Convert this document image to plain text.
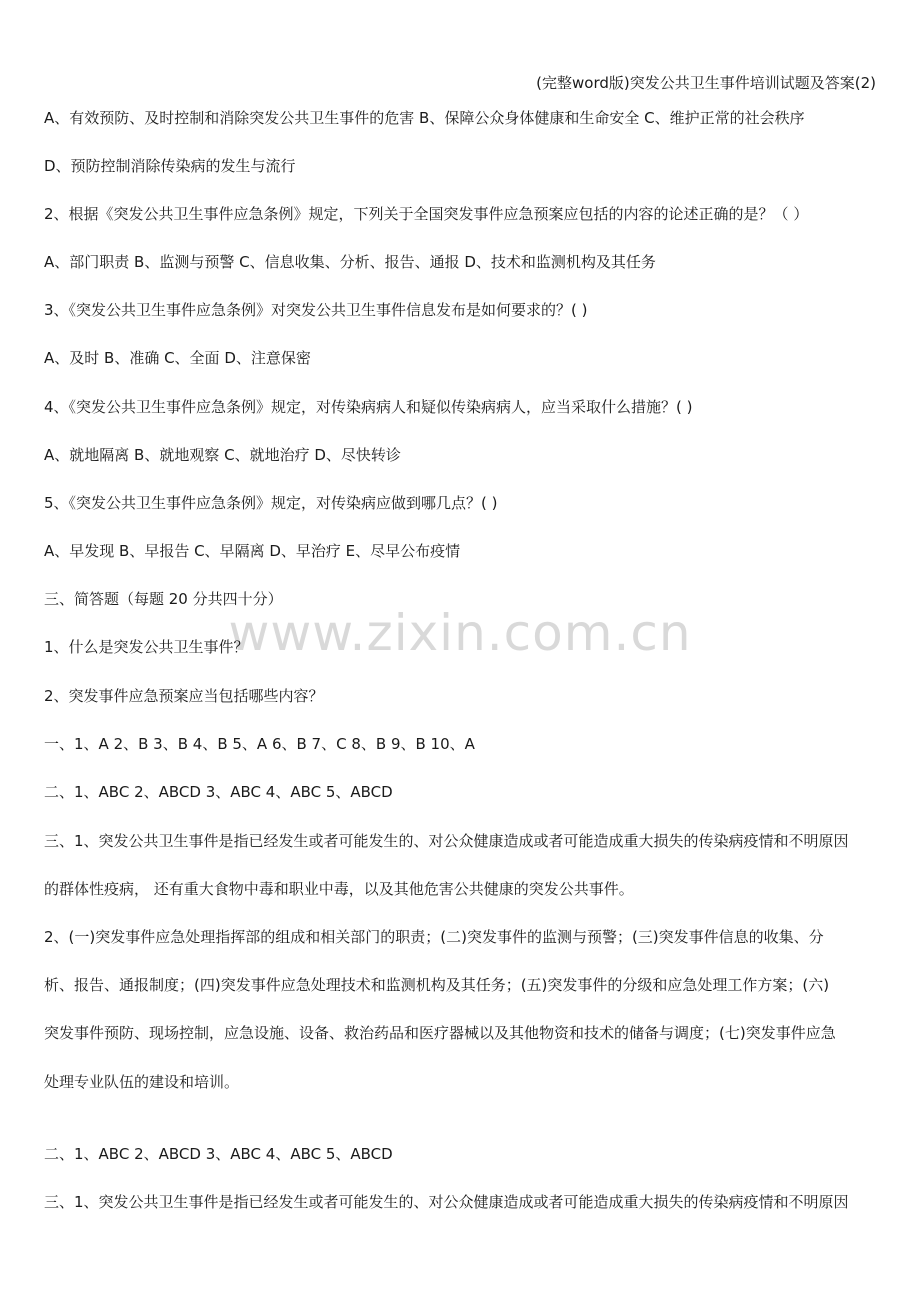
(完整word版)突发公共卫生事件培训试题及答案(2)
www.zixin.com.cn
A、有效预防、及时控制和消除突发公共卫生事件的危害 B、保障公众身体健康和生命安全 C、维护正常的社会秩序
D、预防控制消除传染病的发生与流行
2、根据《突发公共卫生事件应急条例》规定，下列关于全国突发事件应急预案应包括的内容的论述正确的是？（ ）
A、部门职责 B、监测与预警 C、信息收集、分析、报告、通报 D、技术和监测机构及其任务
3、《突发公共卫生事件应急条例》对突发公共卫生事件信息发布是如何要求的？( )
A、及时 B、准确 C、全面 D、注意保密
4、《突发公共卫生事件应急条例》规定，对传染病病人和疑似传染病病人，应当采取什么措施？( )
A、就地隔离 B、就地观察 C、就地治疗 D、尽快转诊
5、《突发公共卫生事件应急条例》规定，对传染病应做到哪几点？( )
A、早发现 B、早报告 C、早隔离 D、早治疗 E、尽早公布疫情
三、简答题（每题 20 分共四十分）
1、什么是突发公共卫生事件？
2、突发事件应急预案应当包括哪些内容？
一、1、A 2、B 3、B 4、B 5、A 6、B 7、C 8、B 9、B 10、A
二、1、ABC 2、ABCD 3、ABC 4、ABC 5、ABCD
三、1、突发公共卫生事件是指已经发生或者可能发生的、对公众健康造成或者可能造成重大损失的传染病疫情和不明原因
的群体性疫病， 还有重大食物中毒和职业中毒，以及其他危害公共健康的突发公共事件。
2、(一)突发事件应急处理指挥部的组成和相关部门的职责；(二)突发事件的监测与预警；(三)突发事件信息的收集、分
析、报告、通报制度；(四)突发事件应急处理技术和监测机构及其任务；(五)突发事件的分级和应急处理工作方案；(六)
突发事件预防、现场控制，应急设施、设备、救治药品和医疗器械以及其他物资和技术的储备与调度；(七)突发事件应急
处理专业队伍的建设和培训。
二、1、ABC 2、ABCD 3、ABC 4、ABC 5、ABCD
三、1、突发公共卫生事件是指已经发生或者可能发生的、对公众健康造成或者可能造成重大损失的传染病疫情和不明原因
